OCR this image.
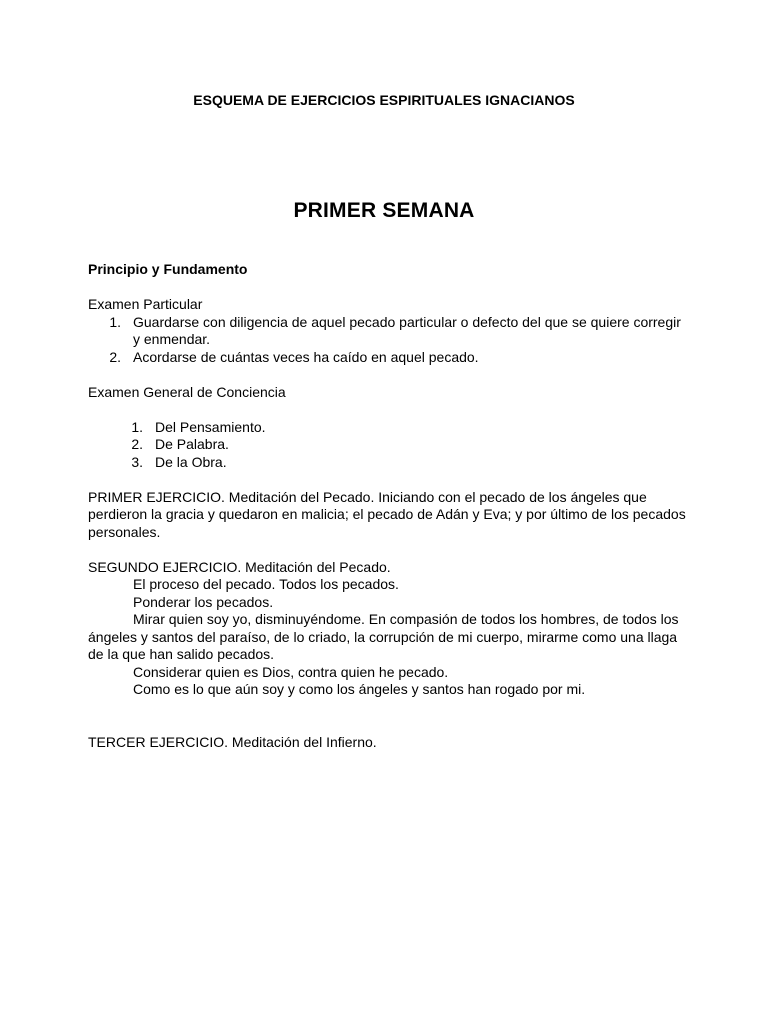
ESQUEMA DE EJERCICIOS ESPIRITUALES IGNACIANOS
PRIMER SEMANA

Principio y Fundamento

Examen Particular

1. Guardarse con diligencia de aquel pecado particular o defecto del que se quiere corregir y enmendar.
2. Acordarse de cuántas veces ha caído en aquel pecado.

Examen General de Conciencia

1. Del Pensamiento.
2. De Palabra.
3. De la Obra.

PRIMER EJERCICIO. Meditación del Pecado. Iniciando con el pecado de los ángeles que perdieron la gracia y quedaron en malicia; el pecado de Adán y Eva; y por último de los pecados personales.

SEGUNDO EJERCICIO. Meditación del Pecado.

El proceso del pecado. Todos los pecados.

Ponderar los pecados.

Mirar quien soy yo, disminuyéndome. En compasión de todos los hombres, de todos los ángeles y santos del paraíso, de lo criado, la corrupción de mi cuerpo, mirarme como una llaga de la que han salido pecados.

Considerar quien es Dios, contra quien he pecado.

Como es lo que aún soy y como los ángeles y santos han rogado por mi.

TERCER EJERCICIO. Meditación del Infierno.
